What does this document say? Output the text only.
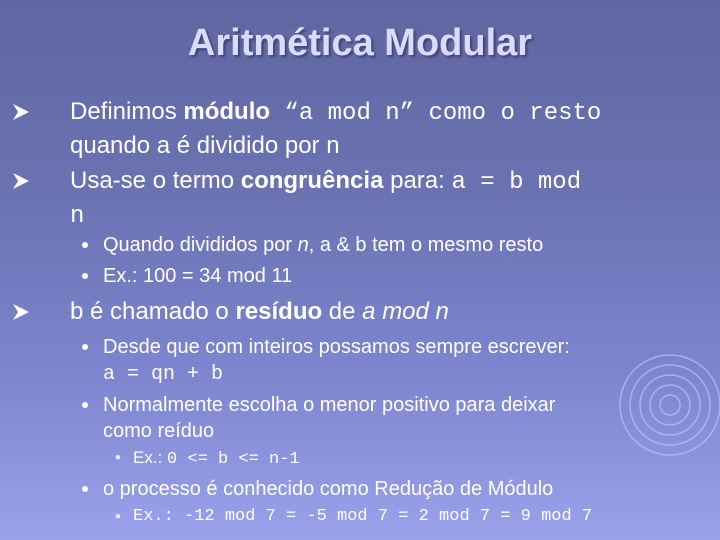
Aritmética Modular
Definimos módulo “a mod n” como o resto
quando a é dividido por n
Usa-se o termo congruência para: a = b mod
n
Quando divididos por n, a & b tem o mesmo resto
Ex.: 100 = 34 mod 11
b é chamado o resíduo de a mod n
Desde que com inteiros possamos sempre escrever:
a = qn + b
Normalmente escolha o menor positivo para deixar
como reíduo
• Ex.: 0 <= b <= n-1
o processo é conhecido como Redução de Módulo
• Ex.: -12 mod 7 = -5 mod 7 = 2 mod 7 = 9 mod 7
